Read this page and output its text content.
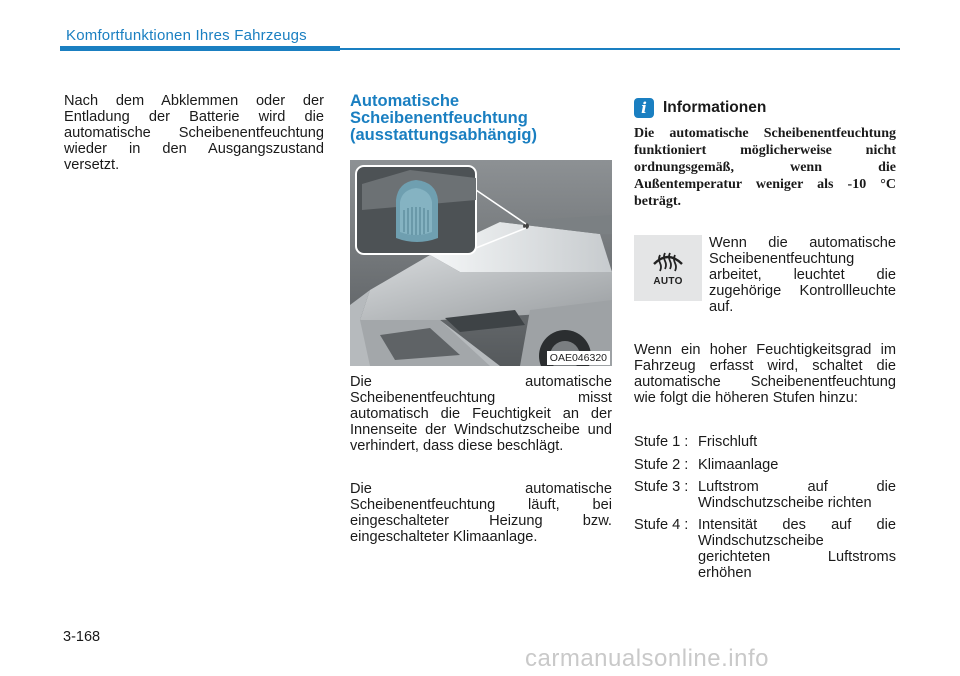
Komfortfunktionen Ihres Fahrzeugs

Nach dem Abklemmen oder der Entladung der Batterie wird die automatische Scheibenentfeuchtung wieder in den Ausgangszustand versetzt.

Automatische
Scheibenentfeuchtung
(ausstattungsabhängig)
OAE046320

Die automatische Scheibenentfeuchtung misst automatisch die Feuchtigkeit an der Innenseite der Windschutzscheibe und verhindert, dass diese beschlägt.

Die automatische Scheibenentfeuchtung läuft, bei eingeschalteter Heizung bzw. eingeschalteter Klimaanlage.

i	Informationen

Die automatische Scheibenentfeuchtung funktioniert möglicherweise nicht ordnungsgemäß, wenn die Außentemperatur weniger als -10 °C beträgt.

AUTO

Wenn die automatische Scheibenentfeuchtung arbeitet, leuchtet die zugehörige Kontrollleuchte auf.

Wenn ein hoher Feuchtigkeitsgrad im Fahrzeug erfasst wird, schaltet die automatische Scheibenentfeuchtung wie folgt die höheren Stufen hinzu:

Stufe 1 : Frischluft
Stufe 2 : Klimaanlage
Stufe 3 : Luftstrom auf die Windschutzscheibe richten
Stufe 4 : Intensität des auf die Windschutzscheibe gerichteten Luftstroms erhöhen
3-168
carmanualsonline.info
